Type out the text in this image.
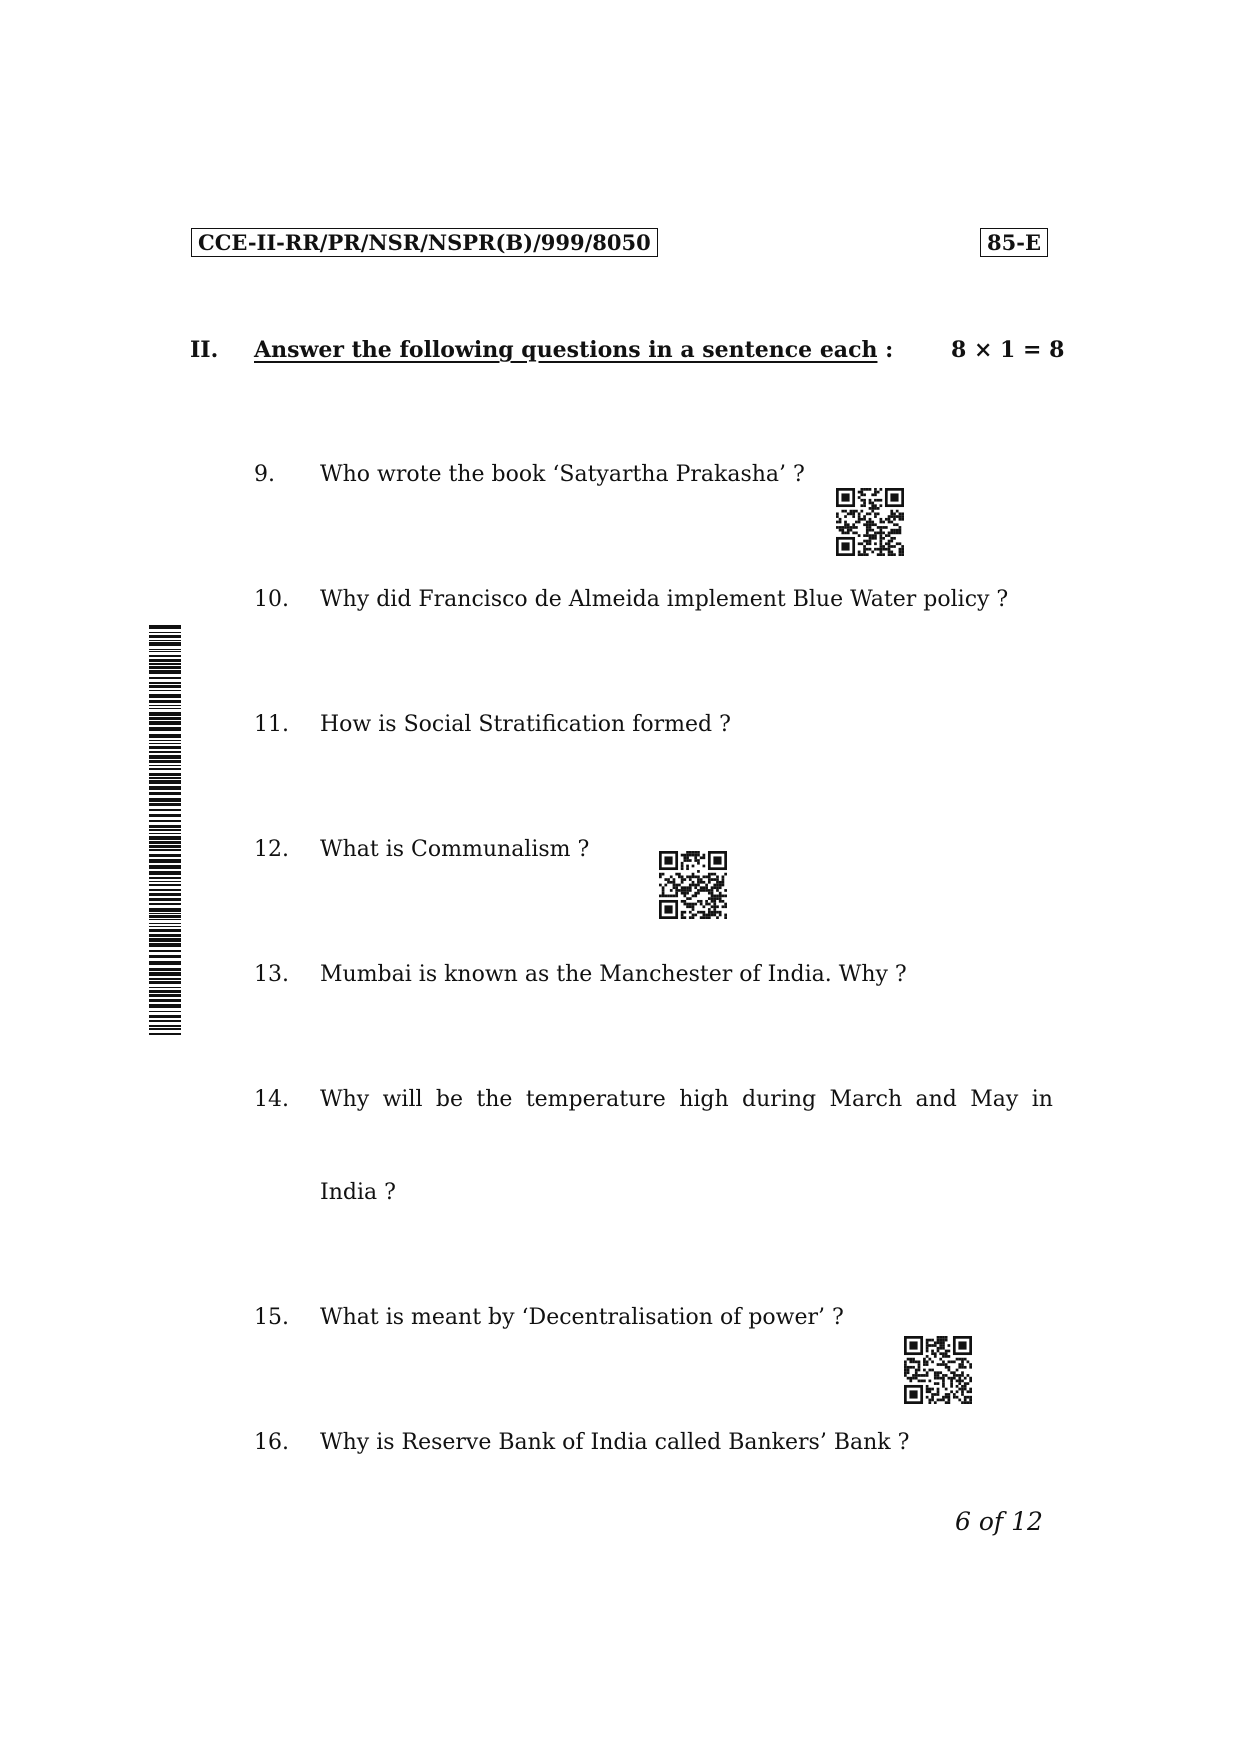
CCE-II-RR/PR/NSR/NSPR(B)/999/8050	85-E
II. Answer the following questions in a sentence each :	8 × 1 = 8
9.	Who wrote the book ‘Satyartha Prakasha’ ?
10.	Why did Francisco de Almeida implement Blue Water policy ?
11.	How is Social Stratification formed ?
12.	What is Communalism ?
13.	Mumbai is known as the Manchester of India. Why ?
14.	Why will be the temperature high during March and May in
India ?
15.	What is meant by ‘Decentralisation of power’ ?
16.	Why is Reserve Bank of India called Bankers’ Bank ?
6 of 12
